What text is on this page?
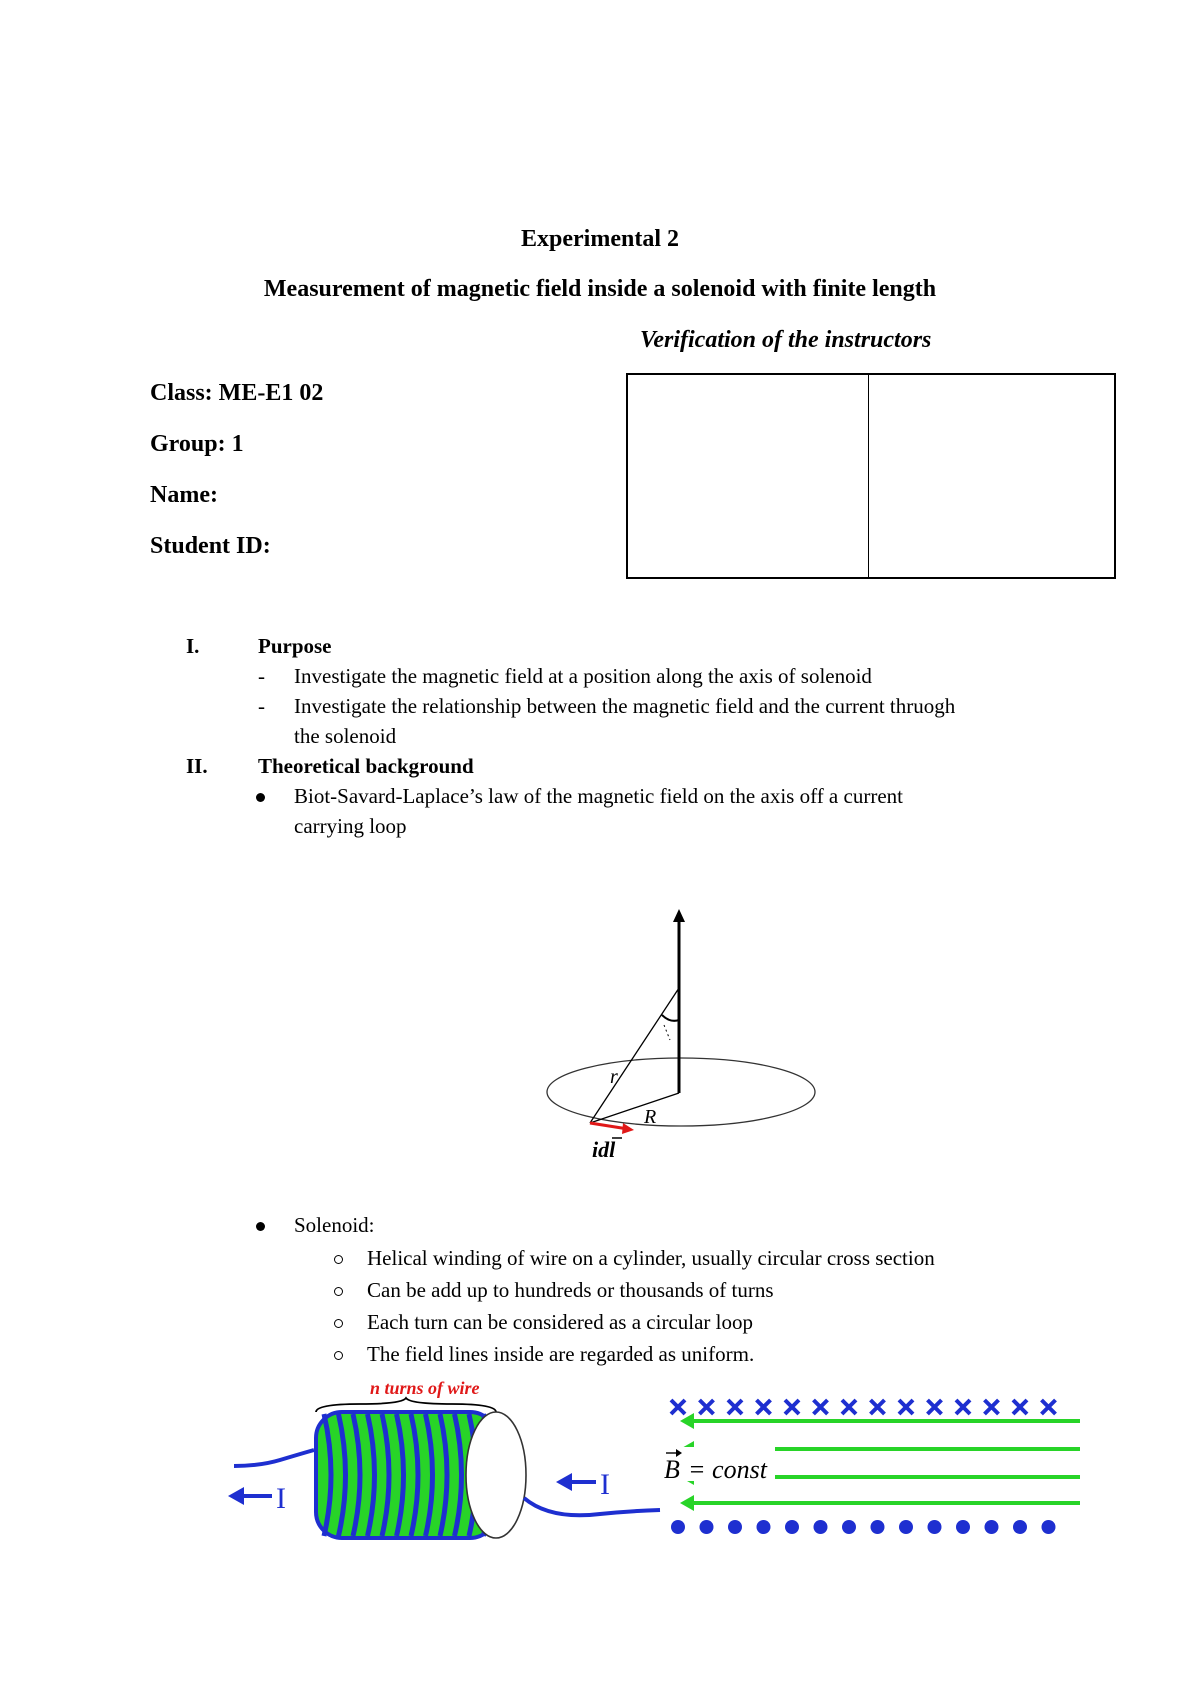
Experimental 2
Measurement of magnetic field inside a solenoid with finite length
Verification of the instructors
Class: ME-E1 02
Group: 1
Name:
Student ID:
I.	Purpose
- Investigate the magnetic field at a position along the axis of solenoid
- Investigate the relationship between the magnetic field and the current thruogh
the solenoid
II. Theoretical background
Biot-Savard-Laplace’s law of the magnetic field on the axis off a current
carrying loop
r
R
idl
Solenoid:
Helical winding of wire on a cylinder, usually circular cross section
Can be add up to hundreds or thousands of turns
Each turn can be considered as a circular loop
The field lines inside are regarded as uniform.
n turns of wire
I	I B = const
